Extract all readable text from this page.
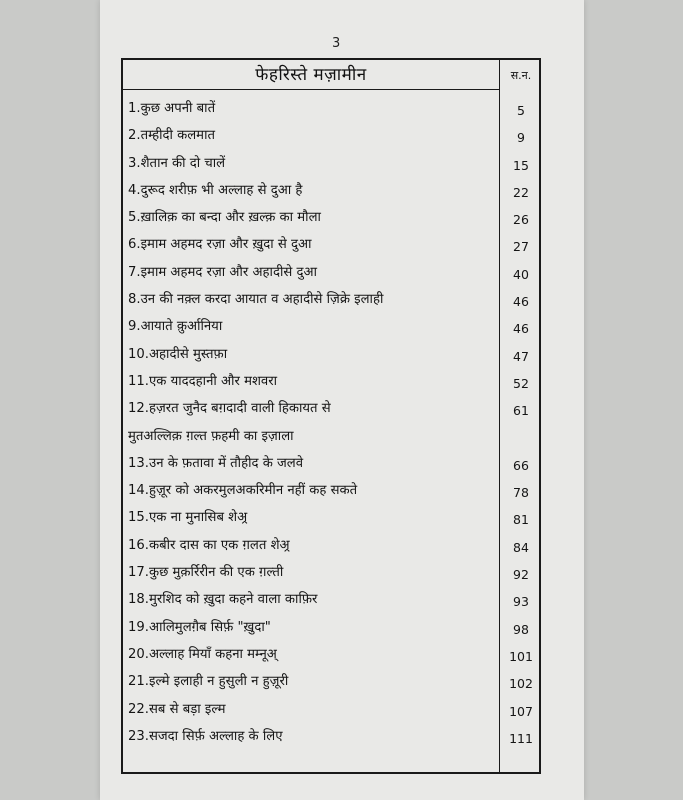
3
फेहरिस्ते मज़ामीन	स.न.
1.कुछ अपनी बातें	5
2.तम्हीदी कलमात	9
3.शैतान की दो चालें	15
4.दुरूद शरीफ़ भी अल्लाह से दुआ है	22
5.ख़ालिक़ का बन्दा और ख़ल्क़ का मौला	26
6.इमाम अहमद रज़ा और ख़ुदा से दुआ	27
7.इमाम अहमद रज़ा और अहादीसे दुआ	40
8.उन की नक़्ल करदा आयात व अहादीसे ज़िक्रे इलाही	46
9.आयाते क़ुर्आनिया	46
10.अहादीसे मुस्तफ़ा	47
11.एक याददहानी और मशवरा	52
12.हज़रत जुनैद बग़दादी वाली हिकायत से	61
मुतअल्लिक़ ग़ल्त फ़हमी का इज़ाला
13.उन के फ़तावा में तौहीद के जलवे	66
14.हुज़ूर को अकरमुलअकरिमीन नहीं कह सकते	78
15.एक ना मुनासिब शेअ्र	81
16.कबीर दास का एक ग़लत शेअ्र	84
17.कुछ मुक़र्रिरीन की एक ग़ल्ती	92
18.मुरशिद को ख़ुदा कहने वाला काफ़िर	93
19.आलिमुलग़ैब सिर्फ़ "ख़ुदा"	98
20.अल्लाह मियाँ कहना मम्नूअ्	101
21.इल्मे इलाही न हुसुली न हुज़ूरी	102
22.सब से बड़ा इल्म	107
23.सजदा सिर्फ़ अल्लाह के लिए	111
